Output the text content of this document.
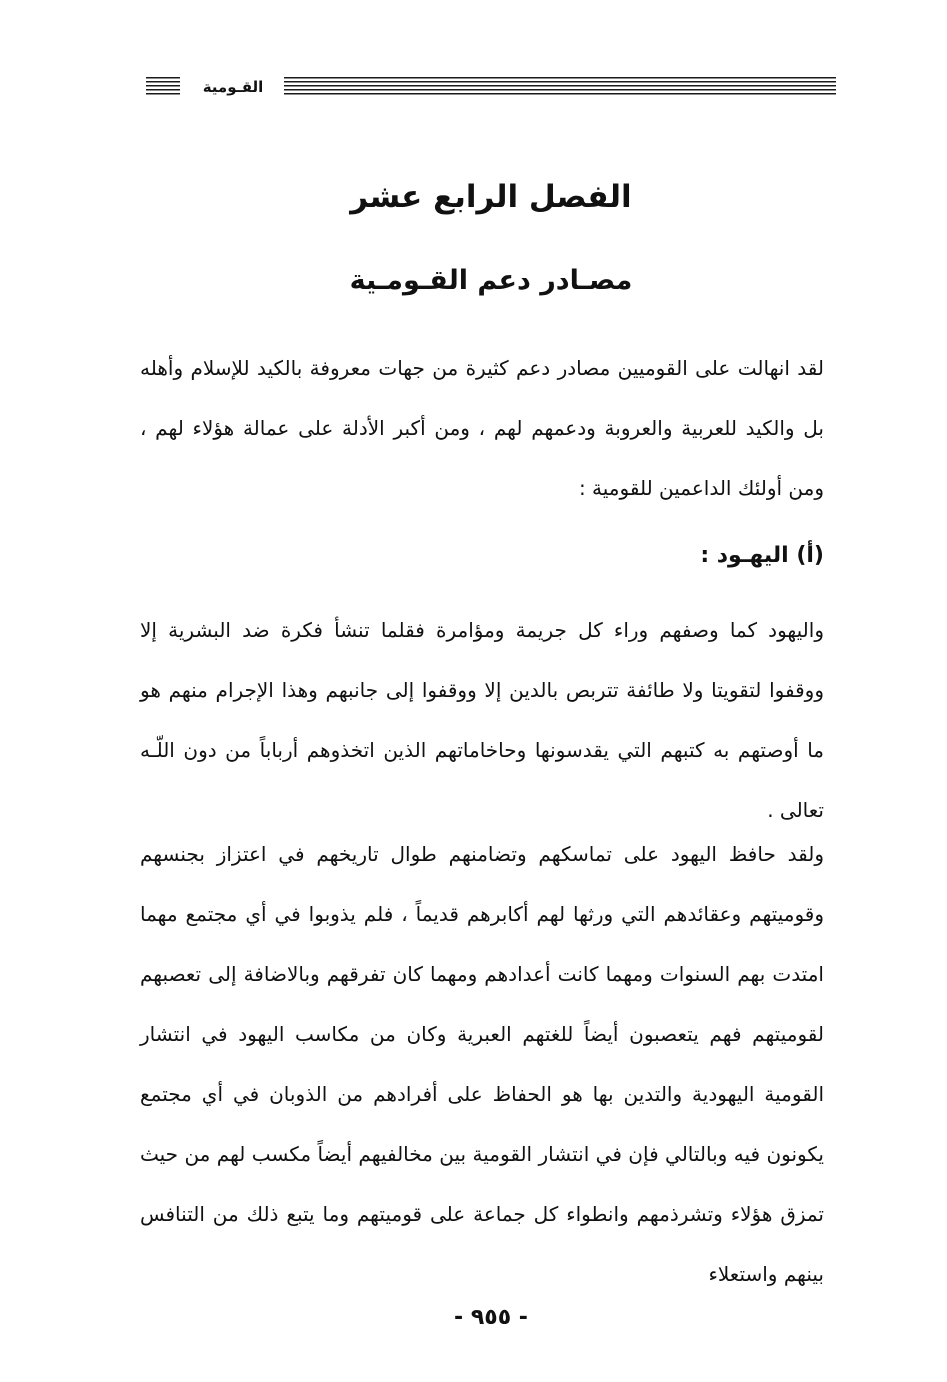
القـومية
الفصل الرابع عشر
مصـادر دعم القـومـية

لقد انهالت على القوميين مصادر دعم كثيرة من جهات معروفة بالكيد للإسلام وأهله بل والكيد للعربية والعروبة ودعمهم لهم ، ومن أكبر الأدلة على عمالة هؤلاء لهم ، ومن أولئك الداعمين للقومية :

(أ) اليهـود :

واليهود كما وصفهم وراء كل جريمة ومؤامرة فقلما تنشأ فكرة ضد البشرية إلا ووقفوا لتقويتا ولا طائفة تتربص بالدين إلا ووقفوا إلى جانبهم وهذا الإجرام منهم هو ما أوصتهم به كتبهم التي يقدسونها وحاخاماتهم الذين اتخذوهم أرباباً من دون اللّـه تعالى .

ولقد حافظ اليهود على تماسكهم وتضامنهم طوال تاريخهم في اعتزاز بجنسهم وقوميتهم وعقائدهم التي ورثها لهم أكابرهم قديماً ، فلم يذوبوا في أي مجتمع مهما امتدت بهم السنوات ومهما كانت أعدادهم ومهما كان تفرقهم وبالاضافة إلى تعصبهم لقوميتهم فهم يتعصبون أيضاً للغتهم العبرية وكان من مكاسب اليهود في انتشار القومية اليهودية والتدين بها هو الحفاظ على أفرادهم من الذوبان في أي مجتمع يكونون فيه وبالتالي فإن في انتشار القومية بين مخالفيهم أيضاً مكسب لهم من حيث تمزق هؤلاء وتشرذمهم وانطواء كل جماعة على قوميتهم وما يتبع ذلك من التنافس بينهم واستعلاء

- ٩٥٥ -
